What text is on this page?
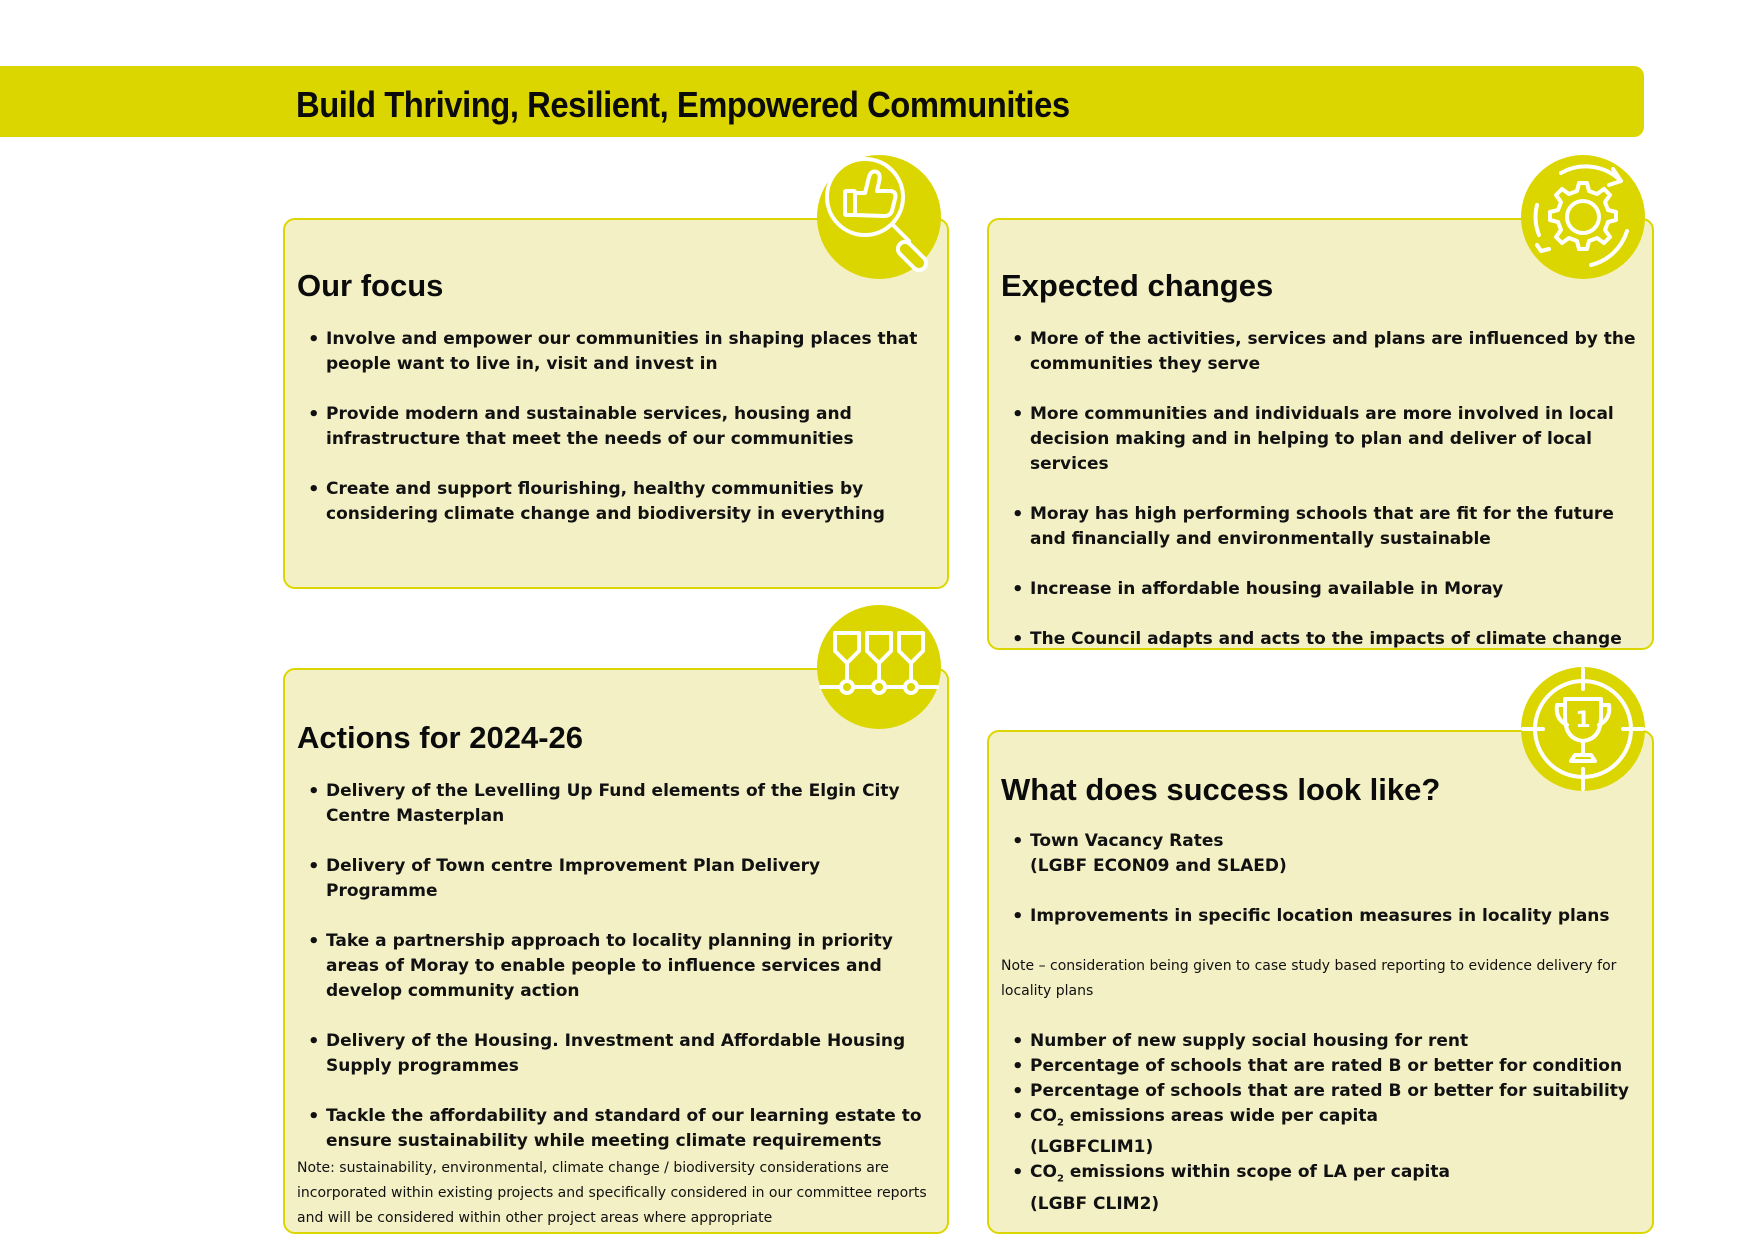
Build Thriving, Resilient, Empowered Communities
Our focus
• Involve and empower our communities in shaping places that people want to live in, visit and invest in
• Provide modern and sustainable services, housing and infrastructure that meet the needs of our communities
• Create and support flourishing, healthy communities by considering climate change and biodiversity in everything
Expected changes
• More of the activities, services and plans are influenced by the communities they serve
• More communities and individuals are more involved in local decision making and in helping to plan and deliver of local services
• Moray has high performing schools that are fit for the future and financially and environmentally sustainable
• Increase in affordable housing available in Moray
• The Council adapts and acts to the impacts of climate change
Actions for 2024-26
• Delivery of the Levelling Up Fund elements of the Elgin City Centre Masterplan
• Delivery of Town centre Improvement Plan Delivery Programme
• Take a partnership approach to locality planning in priority areas of Moray to enable people to influence services and develop community action
• Delivery of the Housing. Investment and Affordable Housing Supply programmes
• Tackle the affordability and standard of our learning estate to ensure sustainability while meeting climate requirements

Note: sustainability, environmental, climate change / biodiversity considerations are incorporated within existing projects and specifically considered in our committee reports and will be considered within other project areas where appropriate

What does success look like?
• Town Vacancy Rates
(LGBF ECON09 and SLAED)
• Improvements in specific location measures in locality plans

Note – consideration being given to case study based reporting to evidence delivery for locality plans

• Number of new supply social housing for rent
• Percentage of schools that are rated B or better for condition
• Percentage of schools that are rated B or better for suitability
• $CO_2$ emissions areas wide per capita
(LGBFCLIM1)
• $CO_2$ emissions within scope of LA per capita
(LGBF CLIM2)
1
